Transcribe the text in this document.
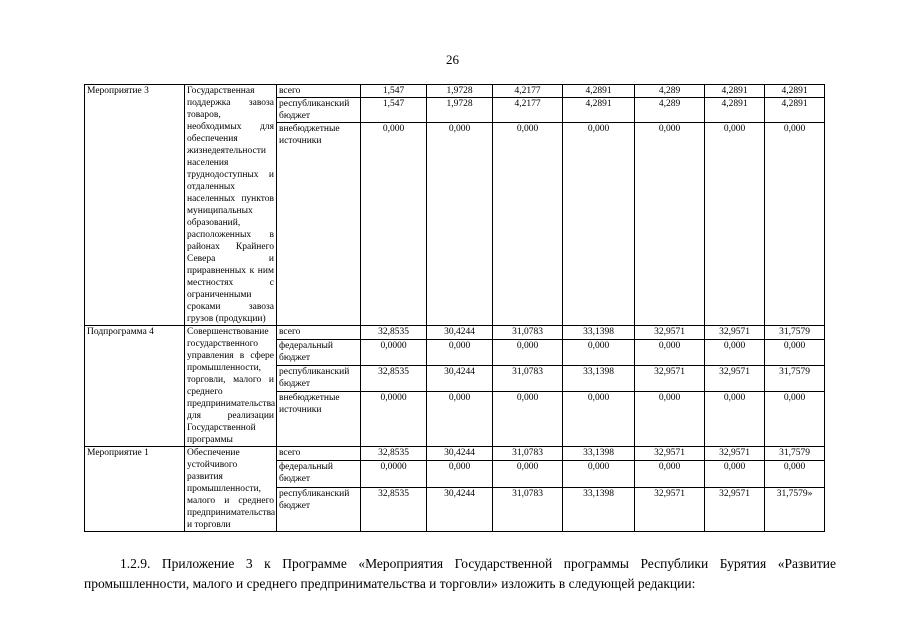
26
Мероприятие 3	Государственная поддержка завоза товаров, необходимых для обеспечения жизнедеятельности населения труднодоступных и отдаленных населенных пунктов муниципальных образований, расположенных в районах Крайнего Севера и приравненных к ним местностях с ограниченными сроками завоза грузов (продукции)	всего	1,547	1,9728	4,2177	4,2891	4,289	4,2891	4,2891
		республиканский бюджет	1,547	1,9728	4,2177	4,2891	4,289	4,2891	4,2891
		внебюджетные источники	0,000	0,000	0,000	0,000	0,000	0,000	0,000
Подпрограмма 4	Совершенствование государственного управления в сфере промышленности, торговли, малого и среднего предпринимательства для реализации Государственной программы	всего	32,8535	30,4244	31,0783	33,1398	32,9571	32,9571	31,7579
		федеральный бюджет	0,0000	0,000	0,000	0,000	0,000	0,000	0,000
		республиканский бюджет	32,8535	30,4244	31,0783	33,1398	32,9571	32,9571	31,7579
		внебюджетные источники	0,0000	0,000	0,000	0,000	0,000	0,000	0,000
Мероприятие 1	Обеспечение устойчивого развития промышленности, малого и среднего предпринимательства и торговли	всего	32,8535	30,4244	31,0783	33,1398	32,9571	32,9571	31,7579
		федеральный бюджет	0,0000	0,000	0,000	0,000	0,000	0,000	0,000
		республиканский бюджет	32,8535	30,4244	31,0783	33,1398	32,9571	32,9571	31,7579»

1.2.9. Приложение 3 к Программе «Мероприятия Государственной программы Республики Бурятия «Развитие промышленности, малого и среднего предпринимательства и торговли» изложить в следующей редакции:
